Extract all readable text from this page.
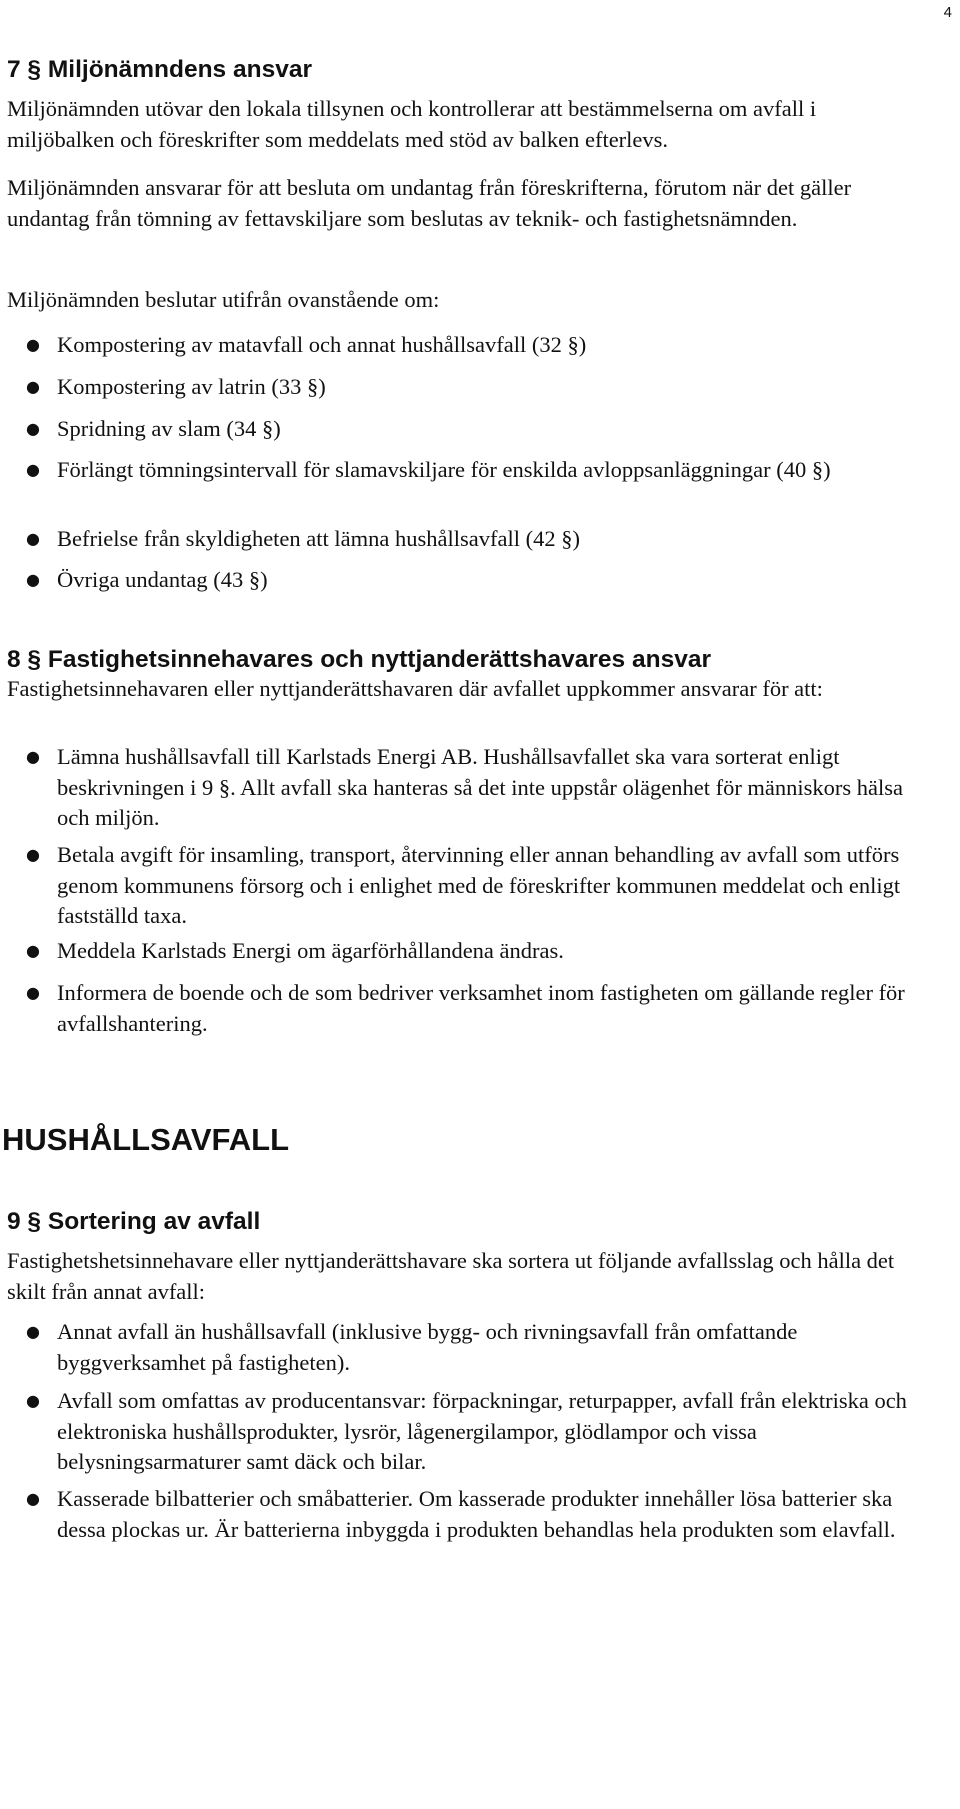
4
7 § Miljönämndens ansvar
Miljönämnden utövar den lokala tillsynen och kontrollerar att bestämmelserna om avfall i miljöbalken och föreskrifter som meddelats med stöd av balken efterlevs.
Miljönämnden ansvarar för att besluta om undantag från föreskrifterna, förutom när det gäller undantag från tömning av fettavskiljare som beslutas av teknik- och fastighetsnämnden.
Miljönämnden beslutar utifrån ovanstående om:
● Kompostering av matavfall och annat hushållsavfall (32 §)
● Kompostering av latrin (33 §)
● Spridning av slam (34 §)
● Förlängt tömningsintervall för slamavskiljare för enskilda avloppsanläggningar (40 §)
● Befrielse från skyldigheten att lämna hushållsavfall (42 §)
● Övriga undantag (43 §)
8 § Fastighetsinnehavares och nyttjanderättshavares ansvar
Fastighetsinnehavaren eller nyttjanderättshavaren där avfallet uppkommer ansvarar för att:
● Lämna hushållsavfall till Karlstads Energi AB. Hushållsavfallet ska vara sorterat enligt beskrivningen i 9 §. Allt avfall ska hanteras så det inte uppstår olägenhet för människors hälsa och miljön.
● Betala avgift för insamling, transport, återvinning eller annan behandling av avfall som utförs genom kommunens försorg och i enlighet med de föreskrifter kommunen meddelat och enligt fastställd taxa.
● Meddela Karlstads Energi om ägarförhållandena ändras.
● Informera de boende och de som bedriver verksamhet inom fastigheten om gällande regler för avfallshantering.
HUSHÅLLSAVFALL
9 § Sortering av avfall
Fastighetshetsinnehavare eller nyttjanderättshavare ska sortera ut följande avfallsslag och hålla det skilt från annat avfall:
● Annat avfall än hushållsavfall (inklusive bygg- och rivningsavfall från omfattande byggverksamhet på fastigheten).
● Avfall som omfattas av producentansvar: förpackningar, returpapper, avfall från elektriska och elektroniska hushållsprodukter, lysrör, lågenergilampor, glödlampor och vissa belysningsarmaturer samt däck och bilar.
● Kasserade bilbatterier och småbatterier. Om kasserade produkter innehåller lösa batterier ska dessa plockas ur. Är batterierna inbyggda i produkten behandlas hela produkten som elavfall.
